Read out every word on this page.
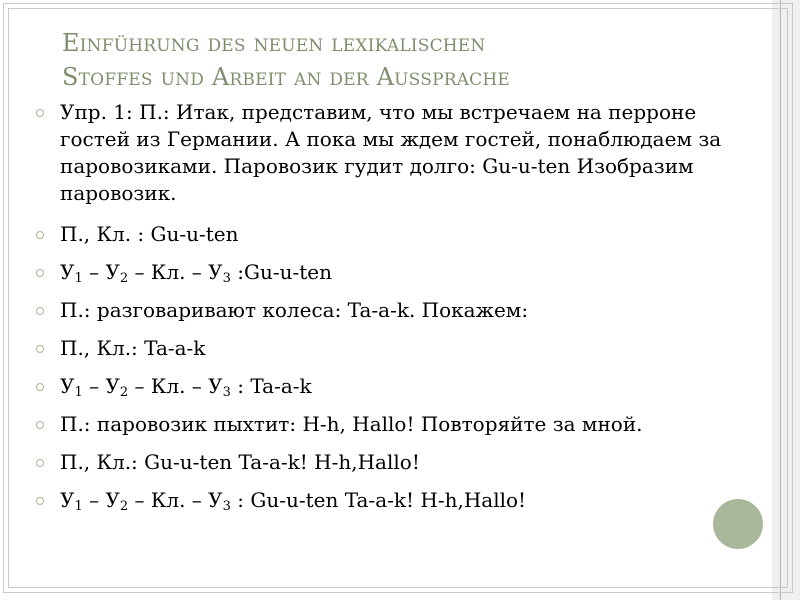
Einführung des neuen lexikalischen
Stoffes und Arbeit an der Aussprache
Упр. 1: П.: Итак, представим, что мы встречаем на перроне гостей из Германии. А пока мы ждем гостей, понаблюдаем за паровозиками. Паровозик гудит долго: Gu-u-ten Изобразим паровозик.
П., Кл. : Gu-u-ten
$У_1 - У_2$ – Кл. – $У_3$ :Gu-u-ten
П.: разговаривают колеса: Ta-a-k. Покажем:
П., Кл.: Ta-a-k
$У_1 - У_2$ – Кл. – $У_3$ : Ta-a-k
П.: паровозик пыхтит: H-h, Hallo! Повторяйте за мной.
П., Кл.: Gu-u-ten Ta-a-k! H-h,Hallo!
$У_1 - У_2$ – Кл. – $У_3$ : Gu-u-ten Ta-a-k! H-h,Hallo!
